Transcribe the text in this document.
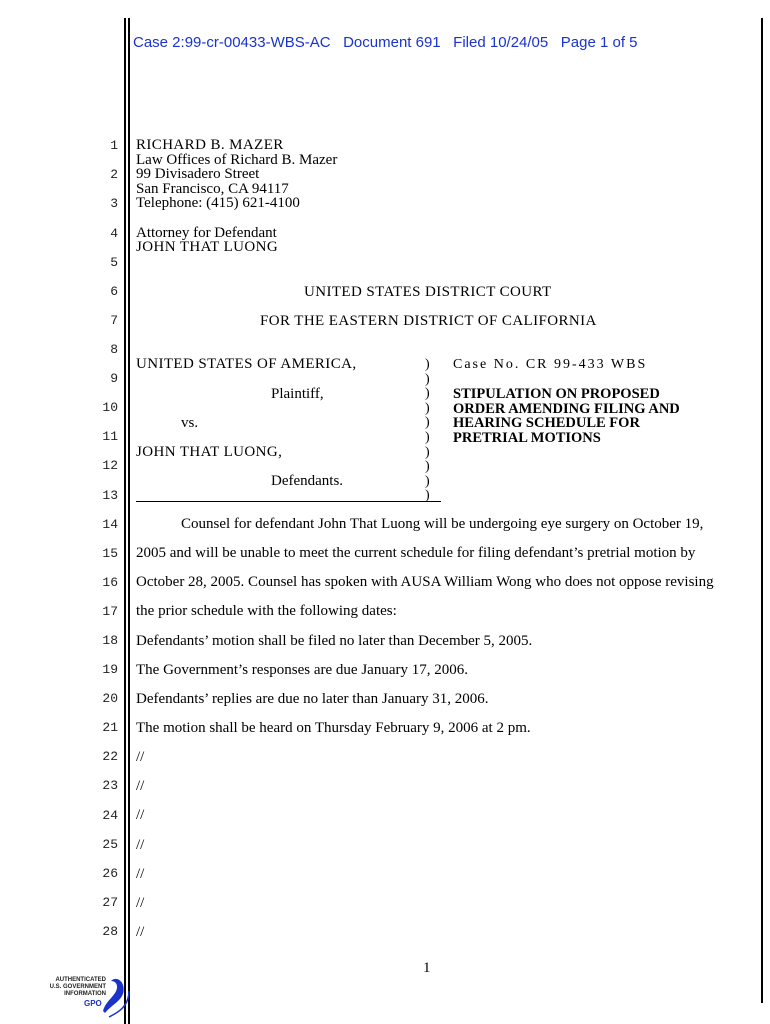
Case 2:99-cr-00433-WBS-AC Document 691 Filed 10/24/05 Page 1 of 5
1
2
3
4
5
6
7
8
9
10
11
12
13
14
15
16
17
18
19
20
21
22
23
24
25
26
27
28
RICHARD B. MAZER
Law Offices of Richard B. Mazer
99 Divisadero Street
San Francisco, CA 94117
Telephone: (415) 621-4100
Attorney for Defendant
JOHN THAT LUONG
UNITED STATES DISTRICT COURT
FOR THE EASTERN DISTRICT OF CALIFORNIA
UNITED STATES OF AMERICA,
Plaintiff,
vs.
JOHN THAT LUONG,
Defendants.
)
)
)
)
)
)
)
)
)
)
Case No. CR 99-433 WBS
STIPULATION ON PROPOSED
ORDER AMENDING FILING AND
HEARING SCHEDULE FOR
PRETRIAL MOTIONS
Counsel for defendant John That Luong will be undergoing eye surgery on October 19,
2005 and will be unable to meet the current schedule for filing defendant’s pretrial motion by
October 28, 2005. Counsel has spoken with AUSA William Wong who does not oppose revising
the prior schedule with the following dates:
Defendants’ motion shall be filed no later than December 5, 2005.
The Government’s responses are due January 17, 2006.
Defendants’ replies are due no later than January 31, 2006.
The motion shall be heard on Thursday February 9, 2006 at 2 pm.
//
//
//
//
//
//
//
1
AUTHENTICATED
U.S. GOVERNMENT
INFORMATION
GPO
